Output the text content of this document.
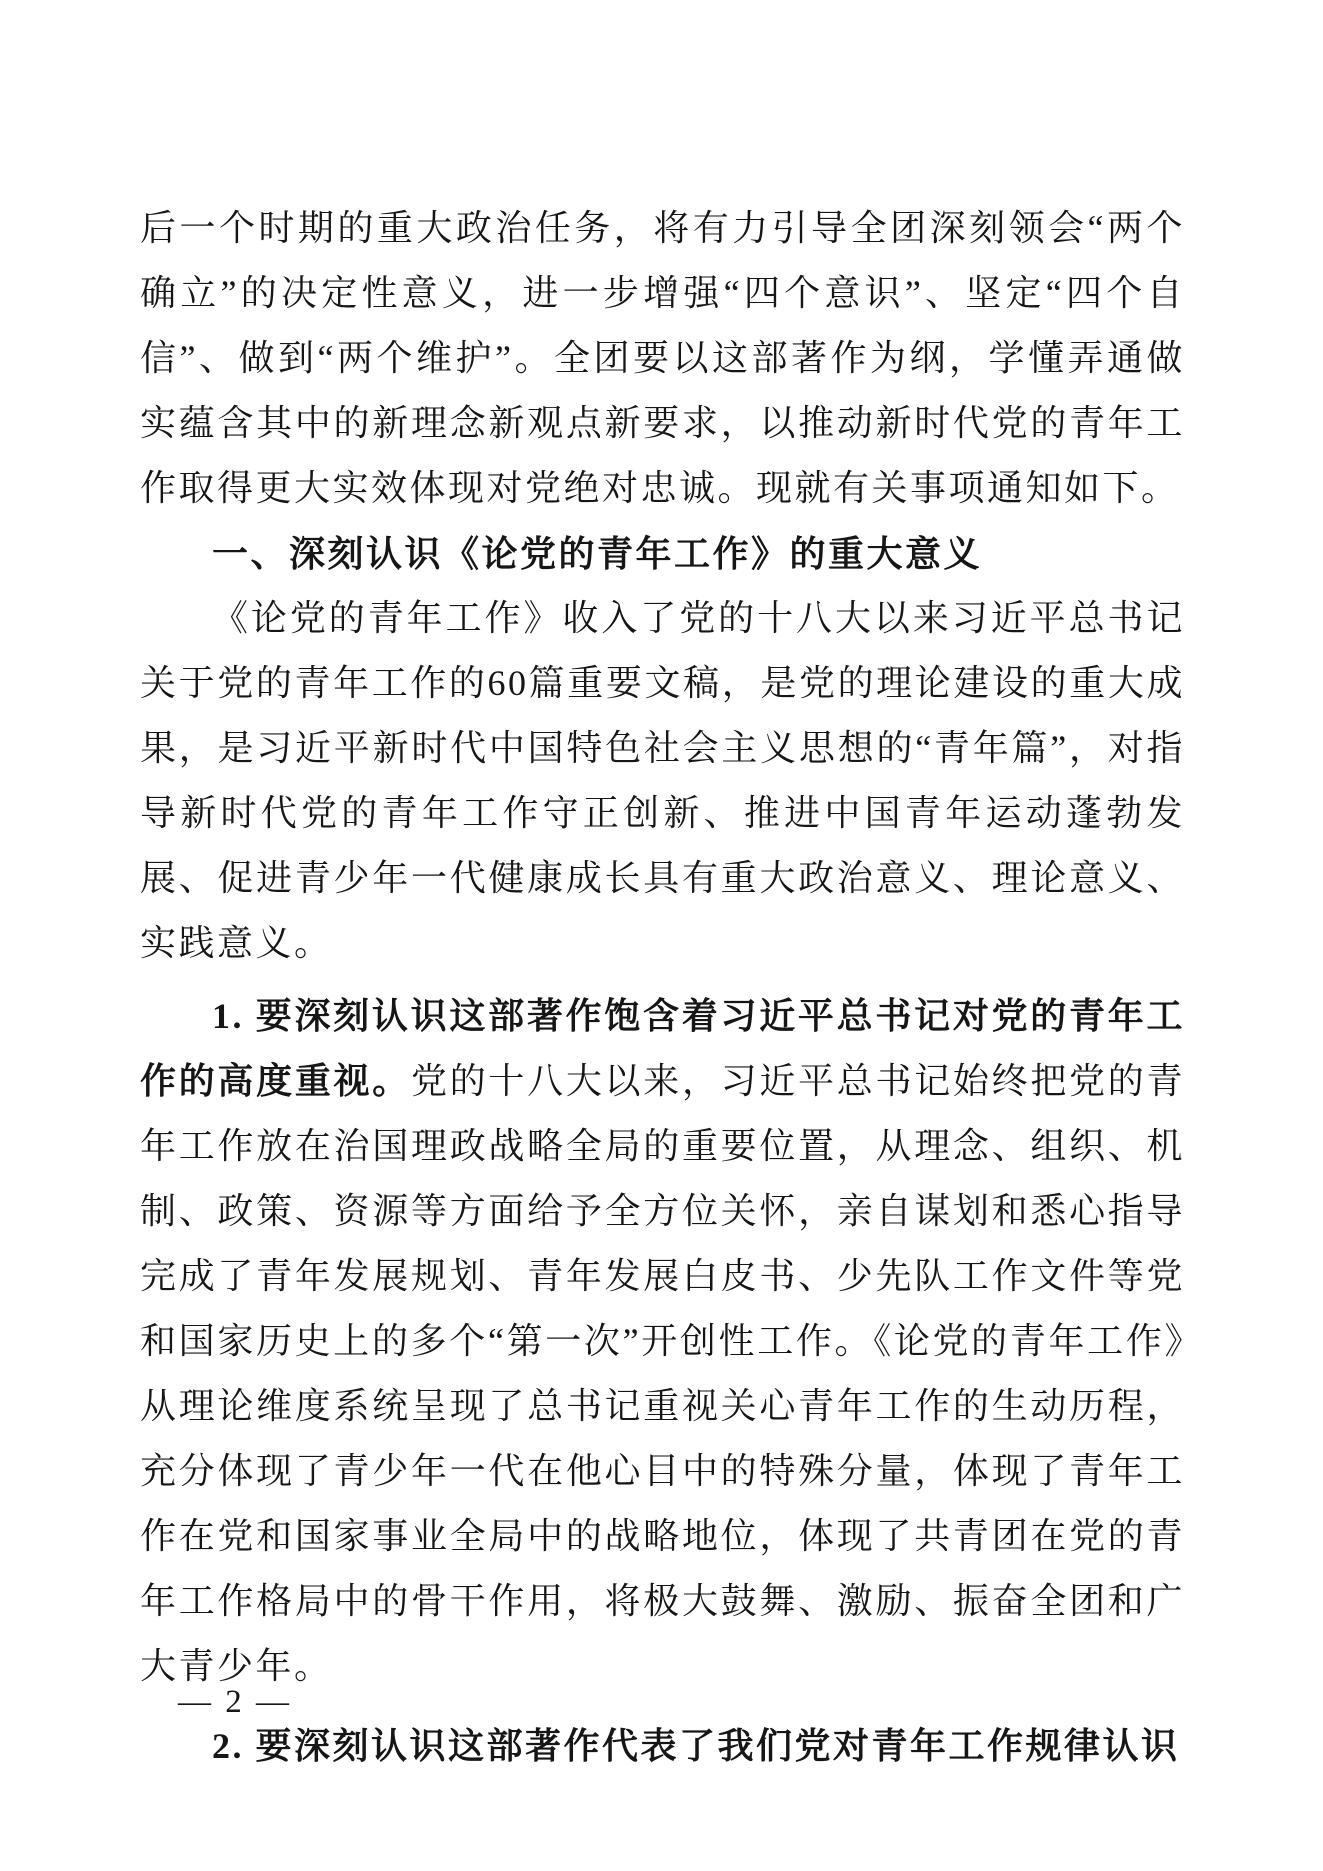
后一个时期的重大政治任务，将有力引导全团深刻领会“两个确立”的决定性意义，进一步增强“四个意识”、坚定“四个自信”、做到“两个维护”。全团要以这部著作为纲，学懂弄通做实蕴含其中的新理念新观点新要求，以推动新时代党的青年工作取得更大实效体现对党绝对忠诚。现就有关事项通知如下。

一、深刻认识《论党的青年工作》的重大意义

《论党的青年工作》收入了党的十八大以来习近平总书记关于党的青年工作的60篇重要文稿，是党的理论建设的重大成果，是习近平新时代中国特色社会主义思想的“青年篇”，对指导新时代党的青年工作守正创新、推进中国青年运动蓬勃发展、促进青少年一代健康成长具有重大政治意义、理论意义、实践意义。

1. 要深刻认识这部著作饱含着习近平总书记对党的青年工作的高度重视。党的十八大以来，习近平总书记始终把党的青年工作放在治国理政战略全局的重要位置，从理念、组织、机制、政策、资源等方面给予全方位关怀，亲自谋划和悉心指导完成了青年发展规划、青年发展白皮书、少先队工作文件等党和国家历史上的多个“第一次”开创性工作。《论党的青年工作》从理论维度系统呈现了总书记重视关心青年工作的生动历程，充分体现了青少年一代在他心目中的特殊分量，体现了青年工作在党和国家事业全局中的战略地位，体现了共青团在党的青年工作格局中的骨干作用，将极大鼓舞、激励、振奋全团和广大青少年。

2. 要深刻认识这部著作代表了我们党对青年工作规律认识

— 2 —
